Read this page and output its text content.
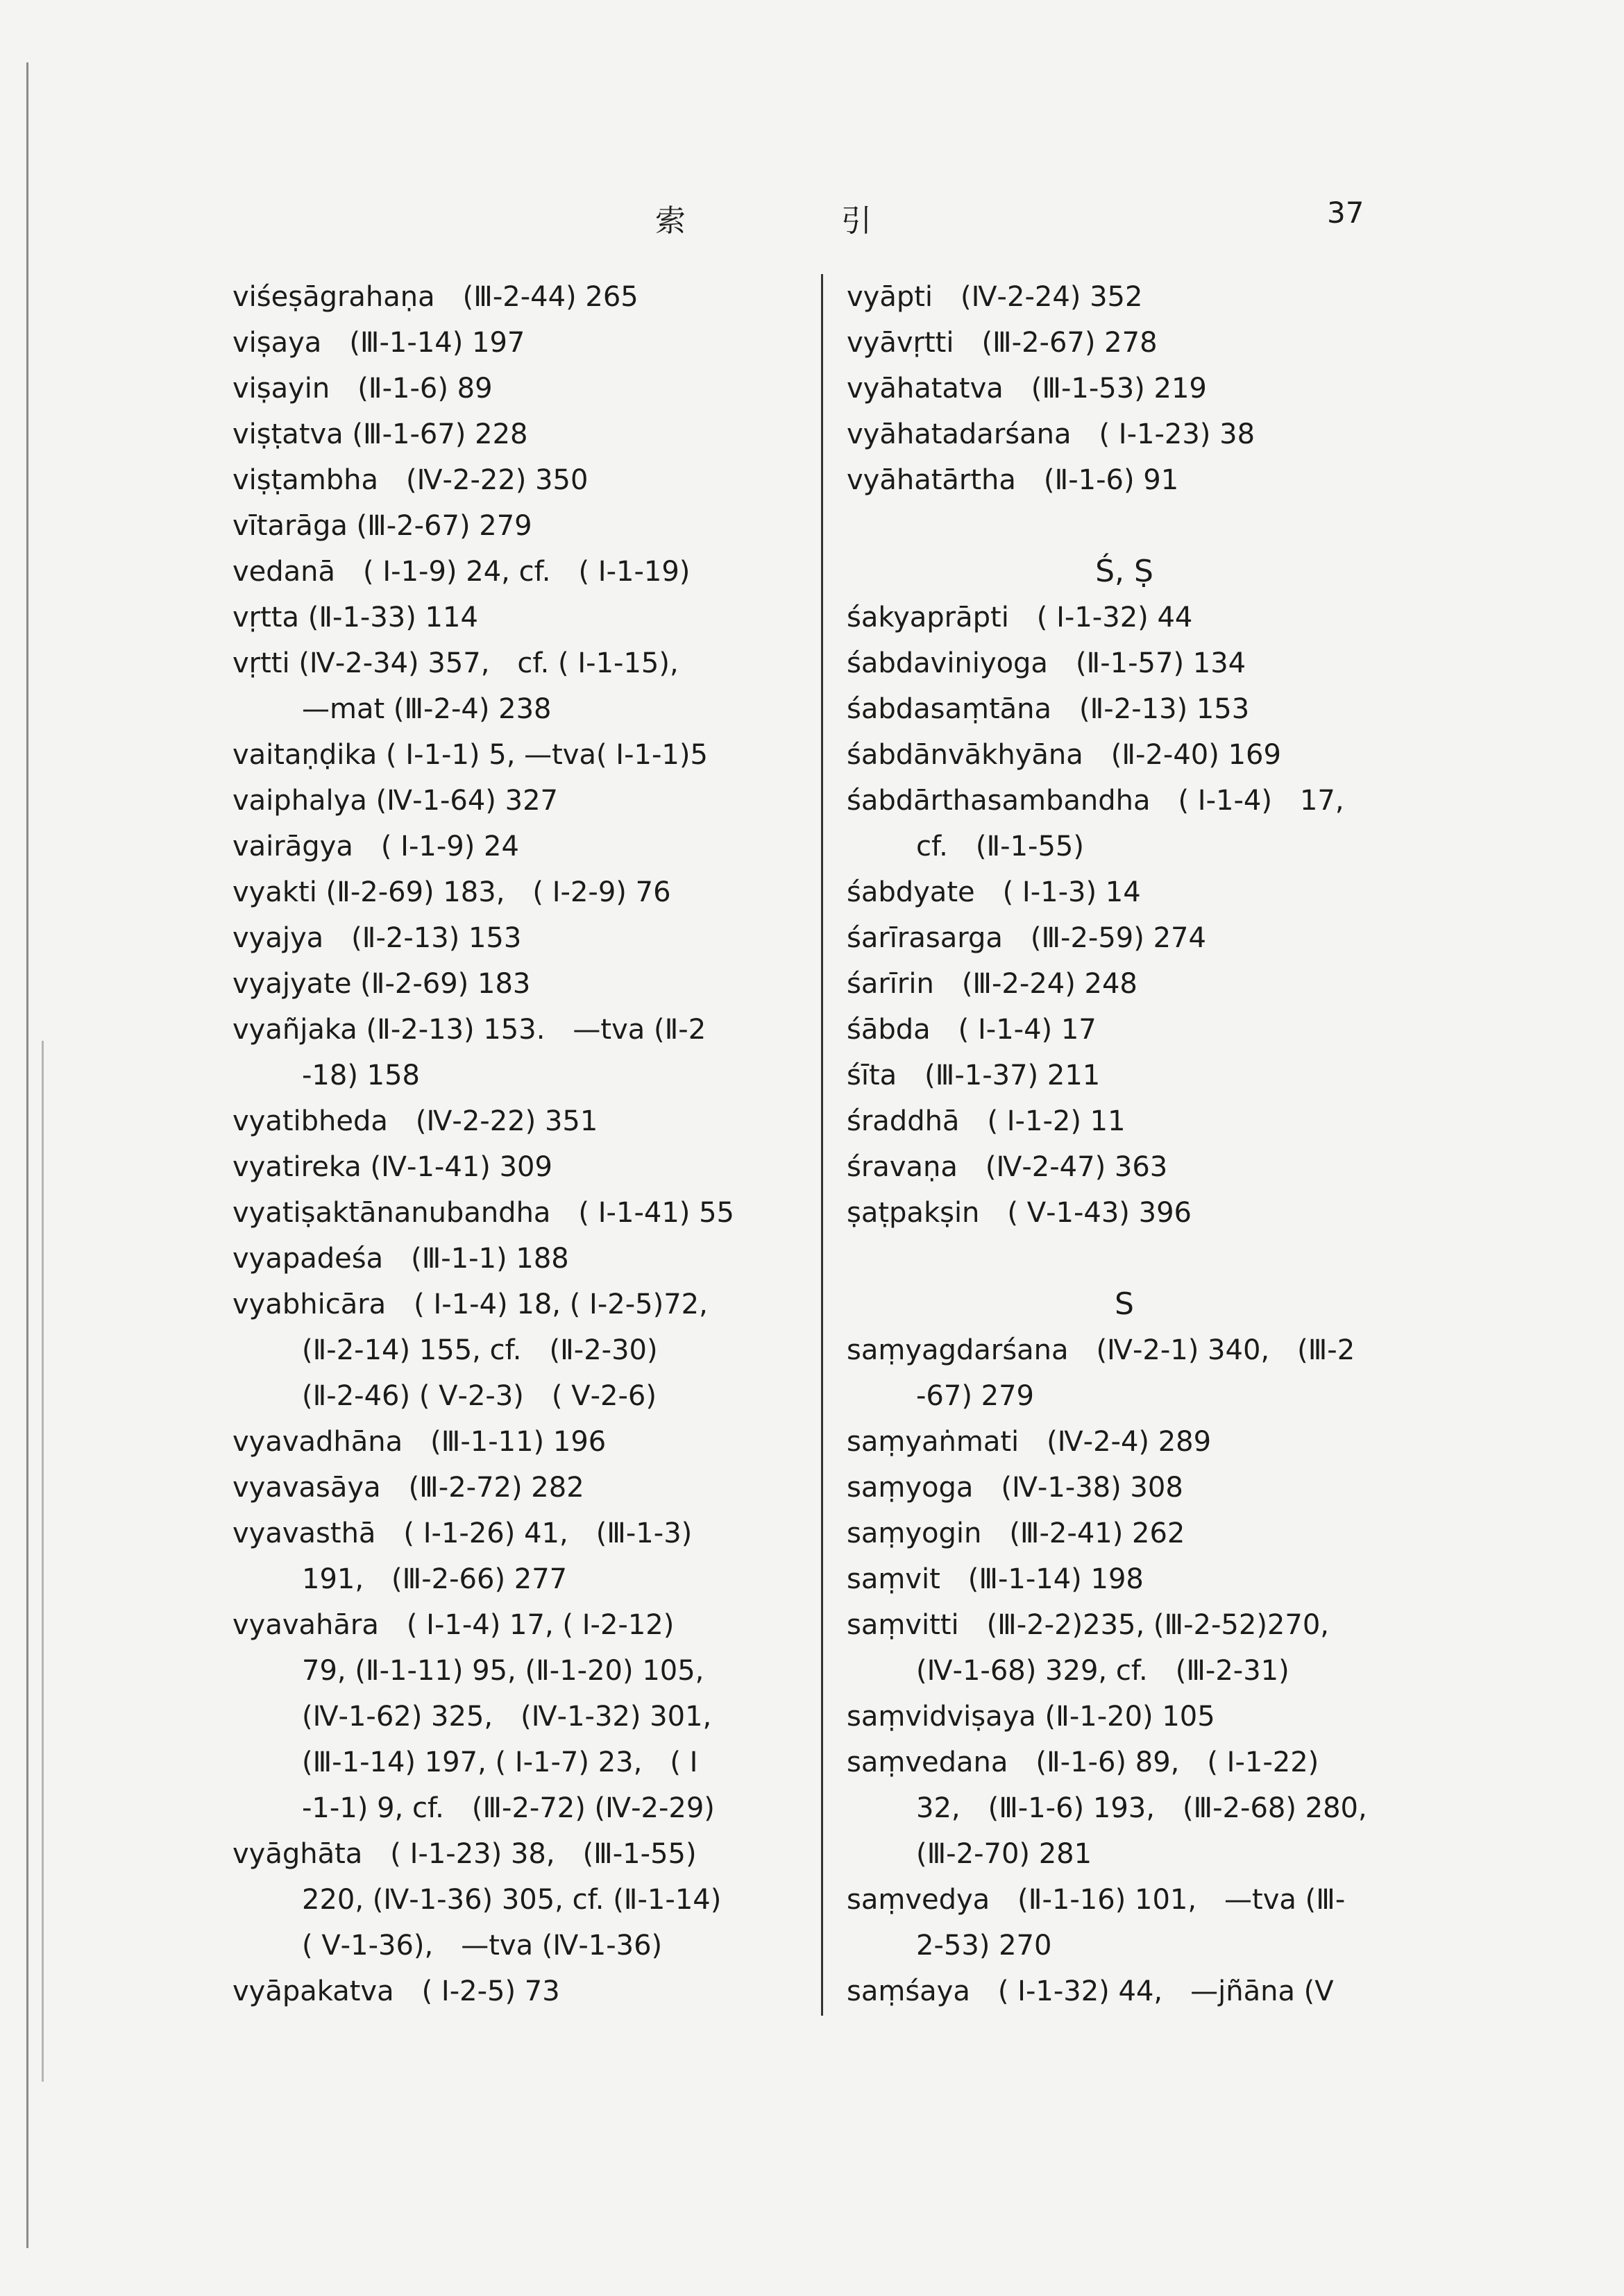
索	引	37
viśeṣāgrahaṇa　(Ⅲ-2-44) 265
viṣaya　(Ⅲ-1-14) 197
viṣayin　(Ⅱ-1-6) 89
viṣṭatva (Ⅲ-1-67) 228
viṣṭambha　(Ⅳ-2-22) 350
vītarāga (Ⅲ-2-67) 279
vedanā　( Ⅰ-1-9) 24, cf.　( Ⅰ-1-19)
vṛtta (Ⅱ-1-33) 114
vṛtti (Ⅳ-2-34) 357,　cf. ( Ⅰ-1-15),
—mat (Ⅲ-2-4) 238
vaitaṇḍika ( Ⅰ-1-1) 5, —tva( Ⅰ-1-1)5
vaiphalya (Ⅳ-1-64) 327
vairāgya　( Ⅰ-1-9) 24
vyakti (Ⅱ-2-69) 183,　( Ⅰ-2-9) 76
vyajya　(Ⅱ-2-13) 153
vyajyate (Ⅱ-2-69) 183
vyañjaka (Ⅱ-2-13) 153.　—tva (Ⅱ-2
-18) 158
vyatibheda　(Ⅳ-2-22) 351
vyatireka (Ⅳ-1-41) 309
vyatiṣaktānanubandha　( Ⅰ-1-41) 55
vyapadeśa　(Ⅲ-1-1) 188
vyabhicāra　( Ⅰ-1-4) 18, ( Ⅰ-2-5)72,
(Ⅱ-2-14) 155, cf.　(Ⅱ-2-30)
(Ⅱ-2-46) ( Ⅴ-2-3)　( Ⅴ-2-6)
vyavadhāna　(Ⅲ-1-11) 196
vyavasāya　(Ⅲ-2-72) 282
vyavasthā　( Ⅰ-1-26) 41,　(Ⅲ-1-3)
191,　(Ⅲ-2-66) 277
vyavahāra　( Ⅰ-1-4) 17, ( Ⅰ-2-12)
79, (Ⅱ-1-11) 95, (Ⅱ-1-20) 105,
(Ⅳ-1-62) 325,　(Ⅳ-1-32) 301,
(Ⅲ-1-14) 197, ( Ⅰ-1-7) 23,　( Ⅰ
-1-1) 9, cf.　(Ⅲ-2-72) (Ⅳ-2-29)
vyāghāta　( Ⅰ-1-23) 38,　(Ⅲ-1-55)
220, (Ⅳ-1-36) 305, cf. (Ⅱ-1-14)
( Ⅴ-1-36),　—tva (Ⅳ-1-36)
vyāpakatva　( Ⅰ-2-5) 73
vyāpti　(Ⅳ-2-24) 352
vyāvṛtti　(Ⅲ-2-67) 278
vyāhatatva　(Ⅲ-1-53) 219
vyāhatadarśana　( Ⅰ-1-23) 38
vyāhatārtha　(Ⅱ-1-6) 91
Ś, Ṣ
śakyaprāpti　( Ⅰ-1-32) 44
śabdaviniyoga　(Ⅱ-1-57) 134
śabdasaṃtāna　(Ⅱ-2-13) 153
śabdānvākhyāna　(Ⅱ-2-40) 169
śabdārthasambandha　( Ⅰ-1-4)　17,
cf.　(Ⅱ-1-55)
śabdyate　( Ⅰ-1-3) 14
śarīrasarga　(Ⅲ-2-59) 274
śarīrin　(Ⅲ-2-24) 248
śābda　( Ⅰ-1-4) 17
śīta　(Ⅲ-1-37) 211
śraddhā　( Ⅰ-1-2) 11
śravaṇa　(Ⅳ-2-47) 363
ṣaṭpakṣin　( Ⅴ-1-43) 396
S
saṃyagdarśana　(Ⅳ-2-1) 340,　(Ⅲ-2
-67) 279
saṃyaṅmati　(Ⅳ-2-4) 289
saṃyoga　(Ⅳ-1-38) 308
saṃyogin　(Ⅲ-2-41) 262
saṃvit　(Ⅲ-1-14) 198
saṃvitti　(Ⅲ-2-2)235, (Ⅲ-2-52)270,
(Ⅳ-1-68) 329, cf.　(Ⅲ-2-31)
saṃvidviṣaya (Ⅱ-1-20) 105
saṃvedana　(Ⅱ-1-6) 89,　( Ⅰ-1-22)
32,　(Ⅲ-1-6) 193,　(Ⅲ-2-68) 280,
(Ⅲ-2-70) 281
saṃvedya　(Ⅱ-1-16) 101,　—tva (Ⅲ-
2-53) 270
saṃśaya　( Ⅰ-1-32) 44,　—jñāna (Ⅴ
